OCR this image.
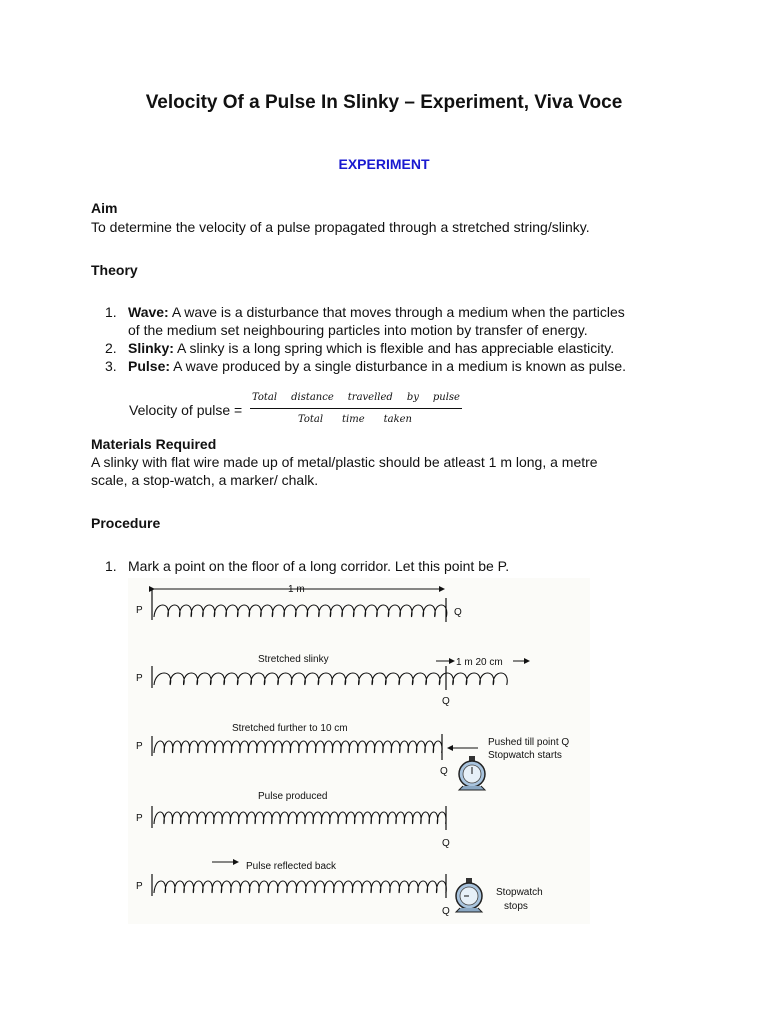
Velocity Of a Pulse In Slinky – Experiment, Viva Voce
EXPERIMENT
Aim
To determine the velocity of a pulse propagated through a stretched string/slinky.
Theory
1. Wave: A wave is a disturbance that moves through a medium when the particles
of the medium set neighbouring particles into motion by transfer of energy.
2. Slinky: A slinky is a long spring which is flexible and has appreciable elasticity.
3. Pulse: A wave produced by a single disturbance in a medium is known as pulse.
Velocity of pulse =
Total distance travelled by pulse
Total time taken
Materials Required
A slinky with flat wire made up of metal/plastic should be atleast 1 m long, a metre
scale, a stop-watch, a marker/ chalk.
Procedure
1. Mark a point on the floor of a long corridor. Let this point be P.
P
1 m
Q
Stretched slinky	1 m 20 cm
P
Q
Stretched further to 10 cm
P	Pushed till point Q
Stopwatch starts
Q
Pulse produced
P
Q
Pulse reflected back
P
Q
Stopwatch
stops
